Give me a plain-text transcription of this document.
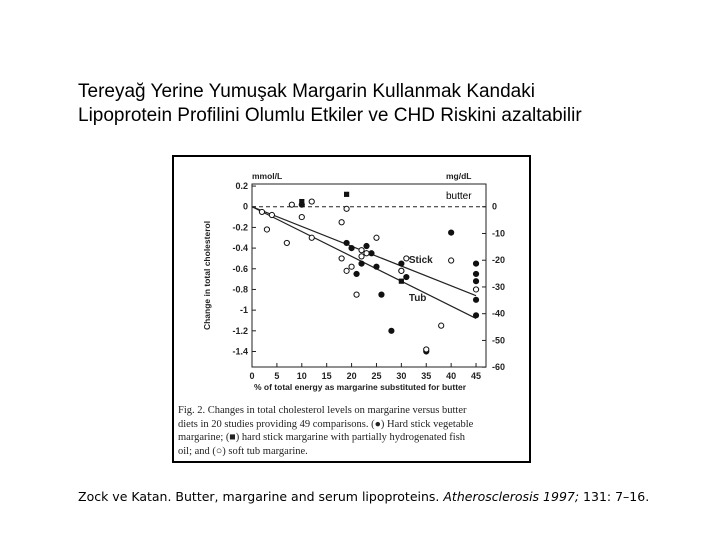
Tereyağ Yerine Yumuşak Margarin Kullanmak Kandaki
Lipoprotein Profilini Olumlu Etkiler ve CHD Riskini azaltabilir
mmol/L	mg/dL
0.2
0
-0.2
-0.4
-0.6
-0.8
-1
-1.2
-1.4
0
-10
-20
-30
-40
-50
-60
0 5 10 15 20 25 30 35 40 45
% of total energy as margarine substituted for butter
Change in total cholesterol	Stick
Tub
butter
Fig. 2. Changes in total cholesterol levels on margarine versus butter
diets in 20 studies providing 49 comparisons. (●) Hard stick vegetable
margarine; (■) hard stick margarine with partially hydrogenated fish
oil; and (○) soft tub margarine.
Zock ve Katan. Butter, margarine and serum lipoproteins. Atherosclerosis 1997; 131: 7–16.
